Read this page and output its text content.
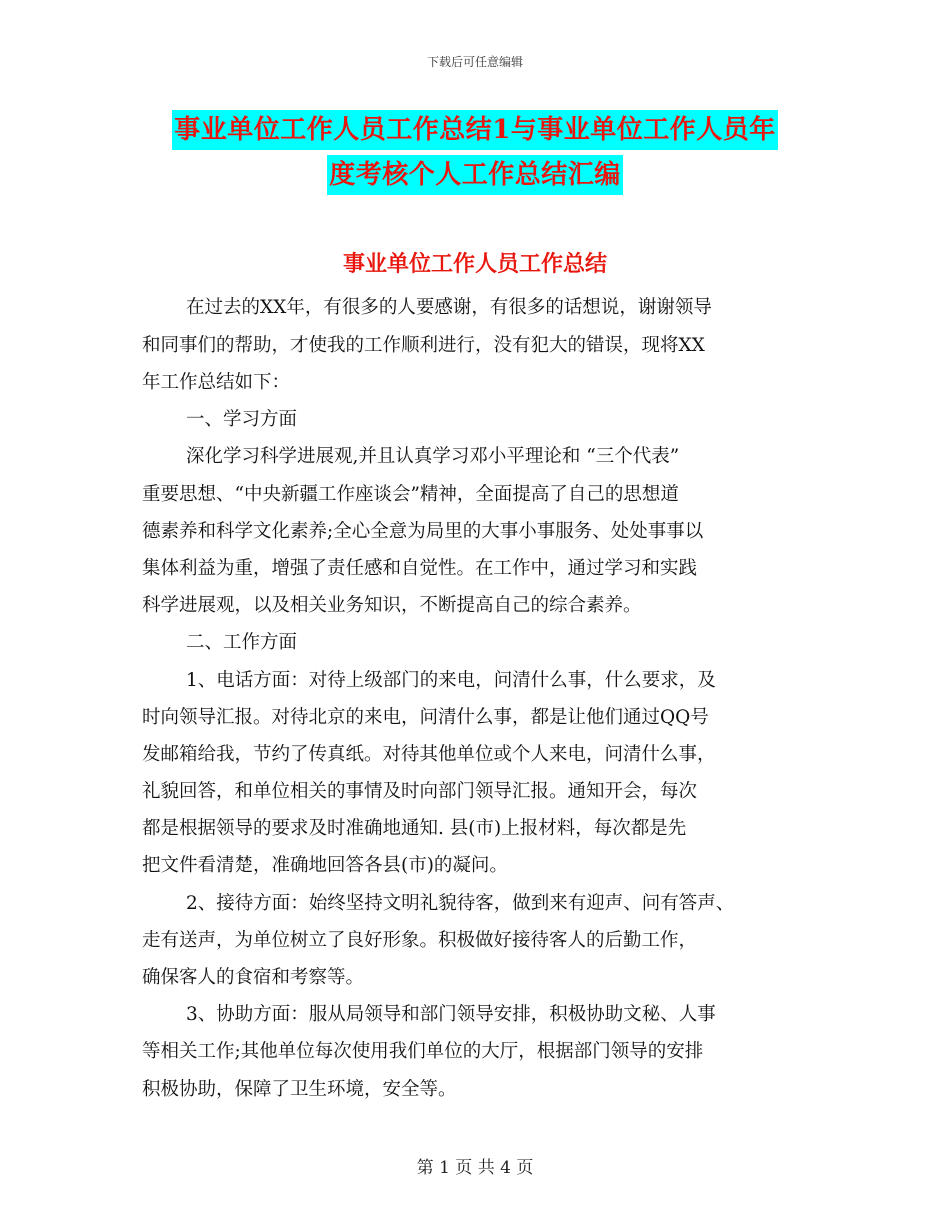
下载后可任意编辑
事业单位工作人员工作总结1与事业单位工作人员年
度考核个人工作总结汇编
事业单位工作人员工作总结
在过去的XX年，有很多的人要感谢，有很多的话想说，谢谢领导
和同事们的帮助，才使我的工作顺利进行，没有犯大的错误，现将XX
年工作总结如下：
一、学习方面
深化学习科学进展观,并且认真学习邓小平理论和 “三个代表”
重要思想、“中央新疆工作座谈会”精神，全面提高了自己的思想道
德素养和科学文化素养;全心全意为局里的大事小事服务、处处事事以
集体利益为重，增强了责任感和自觉性。在工作中，通过学习和实践
科学进展观，以及相关业务知识，不断提高自己的综合素养。
二、工作方面
1、电话方面：对待上级部门的来电，问清什么事，什么要求，及
时向领导汇报。对待北京的来电，问清什么事，都是让他们通过QQ号
发邮箱给我，节约了传真纸。对待其他单位或个人来电，问清什么事，
礼貌回答，和单位相关的事情及时向部门领导汇报。通知开会，每次
都是根据领导的要求及时准确地通知. 县(市)上报材料，每次都是先
把文件看清楚，准确地回答各县(市)的凝问。
2、接待方面：始终坚持文明礼貌待客，做到来有迎声、问有答声、
走有送声，为单位树立了良好形象。积极做好接待客人的后勤工作，
确保客人的食宿和考察等。
3、协助方面：服从局领导和部门领导安排，积极协助文秘、人事
等相关工作;其他单位每次使用我们单位的大厅，根据部门领导的安排
积极协助，保障了卫生环境，安全等。
第 1 页 共 4 页
